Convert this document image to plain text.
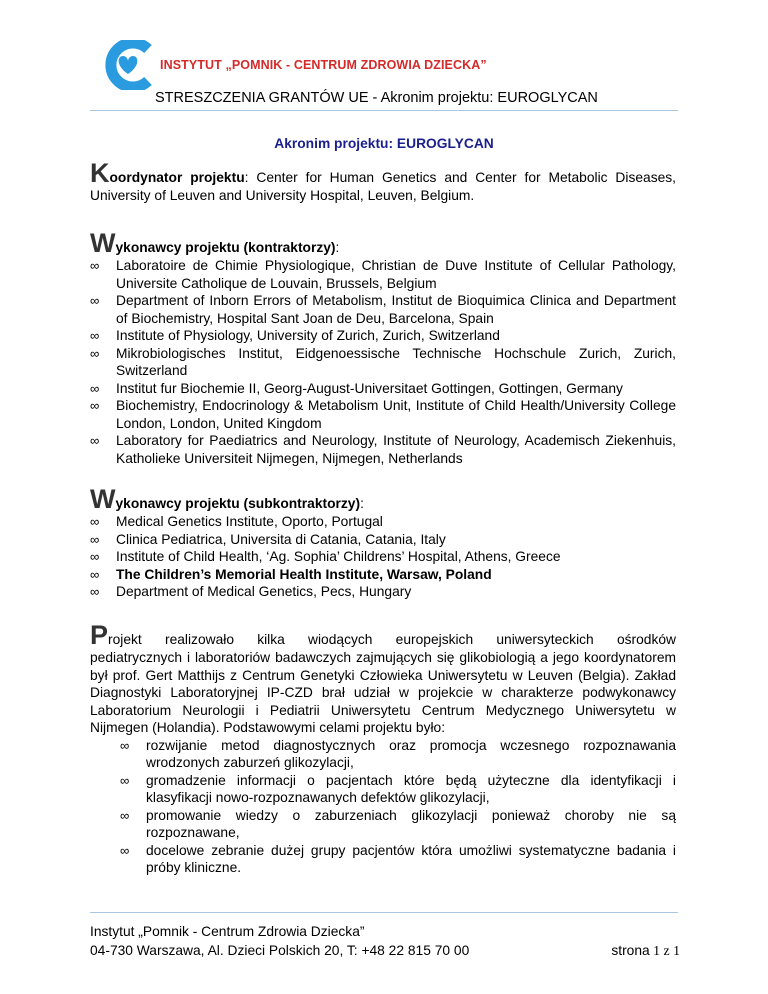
INSTYTUT „POMNIK - CENTRUM ZDROWIA DZIECKA”
STRESZCZENIA GRANTÓW UE - Akronim projektu: EUROGLYCAN
Akronim projektu: EUROGLYCAN
Koordynator projektu: Center for Human Genetics and Center for Metabolic Diseases, University of Leuven and University Hospital, Leuven, Belgium.
Wykonawcy projektu (kontraktorzy):
∞ Laboratoire de Chimie Physiologique, Christian de Duve Institute of Cellular Pathology, Universite Catholique de Louvain, Brussels, Belgium
∞ Department of Inborn Errors of Metabolism, Institut de Bioquimica Clinica and Department of Biochemistry, Hospital Sant Joan de Deu, Barcelona, Spain
∞ Institute of Physiology, University of Zurich, Zurich, Switzerland
∞ Mikrobiologisches Institut, Eidgenoessische Technische Hochschule Zurich, Zurich, Switzerland
∞ Institut fur Biochemie II, Georg-August-Universitaet Gottingen, Gottingen, Germany
∞ Biochemistry, Endocrinology & Metabolism Unit, Institute of Child Health/University College London, London, United Kingdom
∞ Laboratory for Paediatrics and Neurology, Institute of Neurology, Academisch Ziekenhuis, Katholieke Universiteit Nijmegen, Nijmegen, Netherlands
Wykonawcy projektu (subkontraktorzy):
∞ Medical Genetics Institute, Oporto, Portugal
∞ Clinica Pediatrica, Universita di Catania, Catania, Italy
∞ Institute of Child Health, ‘Ag. Sophia’ Childrens’ Hospital, Athens, Greece
∞ The Children’s Memorial Health Institute, Warsaw, Poland
∞ Department of Medical Genetics, Pecs, Hungary
Projekt realizowało kilka wiodących europejskich uniwersyteckich ośrodków
pediatrycznych i laboratoriów badawczych zajmujących się glikobiologią a jego koordynatorem był prof. Gert Matthijs z Centrum Genetyki Człowieka Uniwersytetu w Leuven (Belgia). Zakład Diagnostyki Laboratoryjnej IP-CZD brał udział w projekcie w charakterze podwykonawcy Laboratorium Neurologii i Pediatrii Uniwersytetu Centrum Medycznego Uniwersytetu w Nijmegen (Holandia). Podstawowymi celami projektu było:
∞ rozwijanie metod diagnostycznych oraz promocja wczesnego rozpoznawania wrodzonych zaburzeń glikozylacji,
∞ gromadzenie informacji o pacjentach które będą użyteczne dla identyfikacji i klasyfikacji nowo-rozpoznawanych defektów glikozylacji,
∞ promowanie wiedzy o zaburzeniach glikozylacji ponieważ choroby nie są rozpoznawane,
∞ docelowe zebranie dużej grupy pacjentów która umożliwi systematyczne badania i próby kliniczne.
Instytut „Pomnik - Centrum Zdrowia Dziecka”
04-730 Warszawa, Al. Dzieci Polskich 20, T: +48 22 815 70 00	strona 1 z 1
